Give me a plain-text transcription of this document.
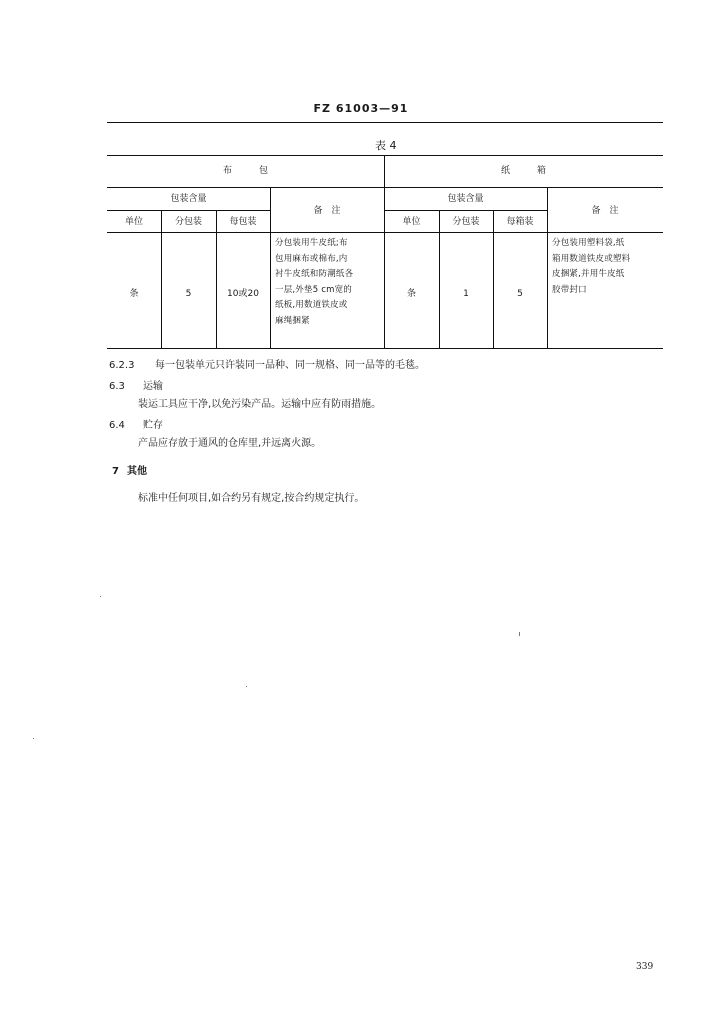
FZ 61003—91
表 4
布　　　包	纸　　　箱
包装含量
单位	分包装	每包装
备　注
包装含量
单位	分包装	每箱装
备　注
条	5	10或20
分包装用牛皮纸;布
包用麻布或棉布,内
衬牛皮纸和防潮纸各
一层,外垫5 cm宽的
纸板,用数道铁皮或
麻绳捆紧
条	1	5
分包装用塑料袋,纸
箱用数道铁皮或塑料
皮捆紧,并用牛皮纸
胶带封口
6.2.3 每一包装单元只许装同一品种、同一规格、同一品等的毛毯。
6.3 运输
装运工具应干净,以免污染产品。运输中应有防雨措施。
6.4 贮存
产品应存放于通风的仓库里,并远离火源。
7 其他
标准中任何项目,如合约另有规定,按合约规定执行。
339
